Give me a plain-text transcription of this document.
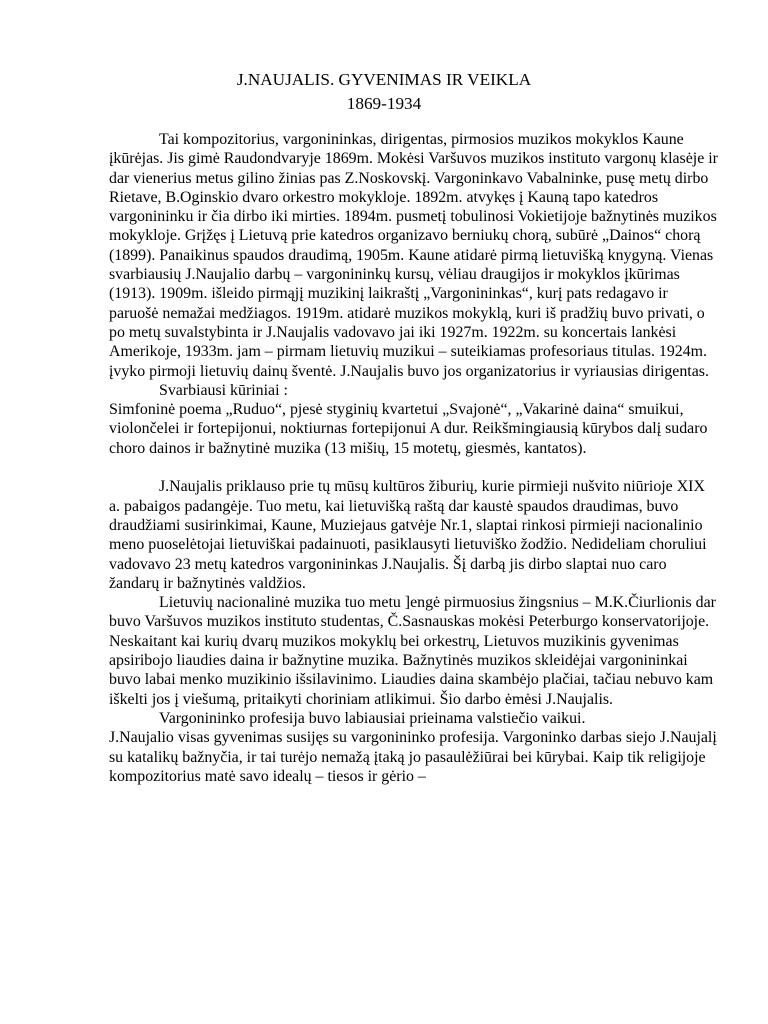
J.NAUJALIS. GYVENIMAS IR VEIKLA
1869-1934

Tai kompozitorius, vargonininkas, dirigentas, pirmosios muzikos mokyklos Kaune įkūrėjas. Jis gimė Raudondvaryje 1869m. Mokėsi Varšuvos muzikos instituto vargonų klasėje ir dar vienerius metus gilino žinias pas Z.Noskovskį. Vargoninkavo Vabalninke, pusę metų dirbo Rietave, B.Oginskio dvaro orkestro mokykloje. 1892m. atvykęs į Kauną tapo katedros vargonininku ir čia dirbo iki mirties. 1894m. pusmetį tobulinosi Vokietijoje bažnytinės muzikos mokykloje. Grįžęs į Lietuvą prie katedros organizavo berniukų chorą, subūrė „Dainos“ chorą (1899). Panaikinus spaudos draudimą, 1905m. Kaune atidarė pirmą lietuvišką knygyną. Vienas svarbiausių J.Naujalio darbų – vargonininkų kursų, vėliau draugijos ir mokyklos įkūrimas (1913). 1909m. išleido pirmąjį muzikinį laikraštį „Vargonininkas“, kurį pats redagavo ir paruošė nemažai medžiagos. 1919m. atidarė muzikos mokyklą, kuri iš pradžių buvo privati, o po metų suvalstybinta ir J.Naujalis vadovavo jai iki 1927m. 1922m. su koncertais lankėsi Amerikoje, 1933m. jam – pirmam lietuvių muzikui – suteikiamas profesoriaus titulas. 1924m. įvyko pirmoji lietuvių dainų šventė. J.Naujalis buvo jos organizatorius ir vyriausias dirigentas.

Svarbiausi kūriniai :

Simfoninė poema „Ruduo“, pjesė styginių kvartetui „Svajonė“, „Vakarinė daina“ smuikui, violončelei ir fortepijonui, noktiurnas fortepijonui A dur. Reikšmingiausią kūrybos dalį sudaro choro dainos ir bažnytinė muzika (13 mišių, 15 motetų, giesmės, kantatos).

J.Naujalis priklauso prie tų mūsų kultūros žiburių, kurie pirmieji nušvito niūrioje XIX a. pabaigos padangėje. Tuo metu, kai lietuvišką raštą dar kaustė spaudos draudimas, buvo draudžiami susirinkimai, Kaune, Muziejaus gatvėje Nr.1, slaptai rinkosi pirmieji nacionalinio meno puoselėtojai lietuviškai padainuoti, pasiklausyti lietuviško žodžio. Nedideliam choruliui vadovavo 23 metų katedros vargonininkas J.Naujalis. Šį darbą jis dirbo slaptai nuo caro žandarų ir bažnytinės valdžios.

Lietuvių nacionalinė muzika tuo metu ]engė pirmuosius žingsnius – M.K.Čiurlionis dar buvo Varšuvos muzikos instituto studentas, Č.Sasnauskas mokėsi Peterburgo konservatorijoje. Neskaitant kai kurių dvarų muzikos mokyklų bei orkestrų, Lietuvos muzikinis gyvenimas apsiribojo liaudies daina ir bažnytine muzika. Bažnytinės muzikos skleidėjai vargonininkai buvo labai menko muzikinio išsilavinimo. Liaudies daina skambėjo plačiai, tačiau nebuvo kam iškelti jos į viešumą, pritaikyti choriniam atlikimui. Šio darbo ėmėsi J.Naujalis.

Vargonininko profesija buvo labiausiai prieinama valstiečio vaikui.

J.Naujalio visas gyvenimas susijęs su vargonininko profesija. Vargoninko darbas siejo J.Naujalį su katalikų bažnyčia, ir tai turėjo nemažą įtaką jo pasaulėžiūrai bei kūrybai. Kaip tik religijoje kompozitorius matė savo idealų – tiesos ir gėrio –
